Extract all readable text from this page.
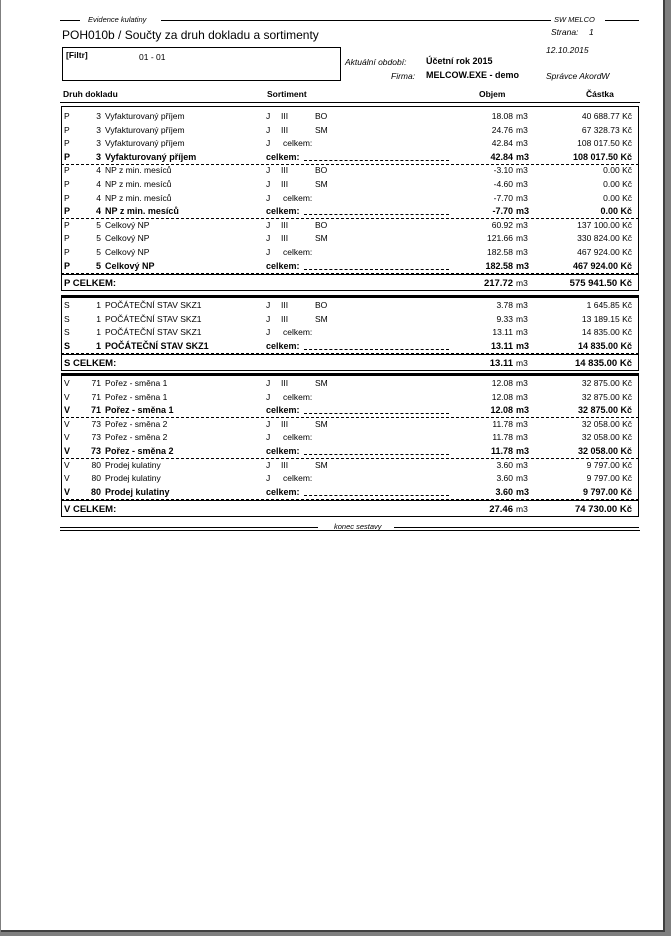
Evidence kulatiny	SW MELCO
POH010b / Součty za druh dokladu a sortimenty	Strana: 1
12.10.2015
[Filtr]	01 - 01	Aktuální období: Účetní rok 2015
Firma: MELCOW.EXE - demo	Správce AkordW
Druh dokladu	Sortiment	Objem	Částka
konec sestavy
P	3 Vyfakturovaný příjem	J III	BO	18.08 m3	40 688.77 Kč
P	3 Vyfakturovaný příjem	J III	SM	24.76 m3	67 328.73 Kč
P	3 Vyfakturovaný příjem	J celkem:	42.84 m3	108 017.50 Kč
P	3 Vyfakturovaný příjem	celkem:	42.84 m3	108 017.50 Kč
P	4 NP z min. mesíců	J III	BO	-3.10 m3	0.00 Kč
P	4 NP z min. mesíců	J III	SM	-4.60 m3	0.00 Kč
P	4 NP z min. mesíců	J celkem:	-7.70 m3	0.00 Kč
P	4 NP z min. mesíců	celkem:	-7.70 m3	0.00 Kč
P	5 Celkový NP	J III	BO	60.92 m3	137 100.00 Kč
P	5 Celkový NP	J III	SM	121.66 m3	330 824.00 Kč
P	5 Celkový NP	J celkem:	182.58 m3	467 924.00 Kč
P	5 Celkový NP	celkem:	182.58 m3	467 924.00 Kč
P CELKEM:	217.72 m3	575 941.50 Kč
S	1 POČÁTEČNÍ STAV SKZ1	J III	BO	3.78 m3	1 645.85 Kč
S	1 POČÁTEČNÍ STAV SKZ1	J III	SM	9.33 m3	13 189.15 Kč
S	1 POČÁTEČNÍ STAV SKZ1	J celkem:	13.11 m3	14 835.00 Kč
S	1 POČÁTEČNÍ STAV SKZ1	celkem:	13.11 m3	14 835.00 Kč
S CELKEM:	13.11 m3	14 835.00 Kč
V	71 Pořez - směna 1	J III	SM	12.08 m3	32 875.00 Kč
V	71 Pořez - směna 1	J celkem:	12.08 m3	32 875.00 Kč
V 71 Pořez - směna 1	celkem:	12.08 m3	32 875.00 Kč
V	73 Pořez - směna 2	J III	SM	11.78 m3	32 058.00 Kč
V	73 Pořez - směna 2	J celkem:	11.78 m3	32 058.00 Kč
V 73 Pořez - směna 2	celkem:	11.78 m3	32 058.00 Kč
V	80 Prodej kulatiny	J III	SM	3.60 m3	9 797.00 Kč
V	80 Prodej kulatiny	J celkem:	3.60 m3	9 797.00 Kč
V 80 Prodej kulatiny	celkem:	3.60 m3	9 797.00 Kč
V CELKEM:	27.46 m3	74 730.00 Kč
